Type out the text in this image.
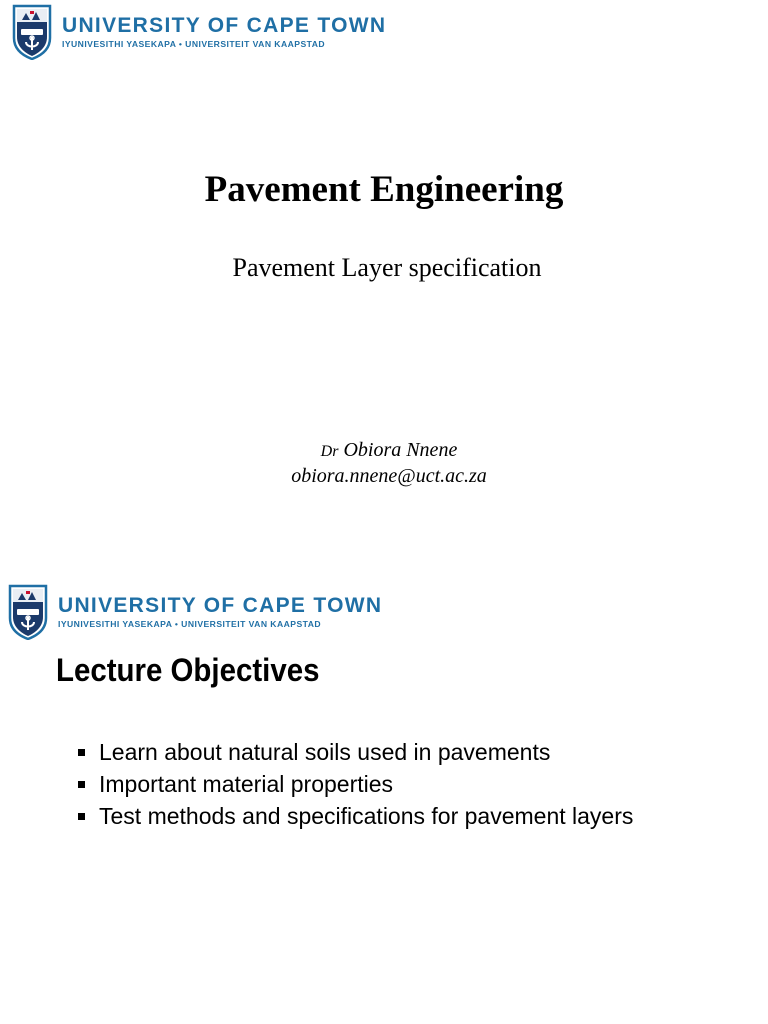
UNIVERSITY OF CAPE TOWN
IYUNIVESITHI YASEKAPA • UNIVERSITEIT VAN KAAPSTAD
Pavement Engineering
Pavement Layer specification
Dr Obiora Nnene
obiora.nnene@uct.ac.za
UNIVERSITY OF CAPE TOWN
IYUNIVESITHI YASEKAPA • UNIVERSITEIT VAN KAAPSTAD
Lecture Objectives
Learn about natural soils used in pavements
Important material properties
Test methods and specifications for pavement layers
